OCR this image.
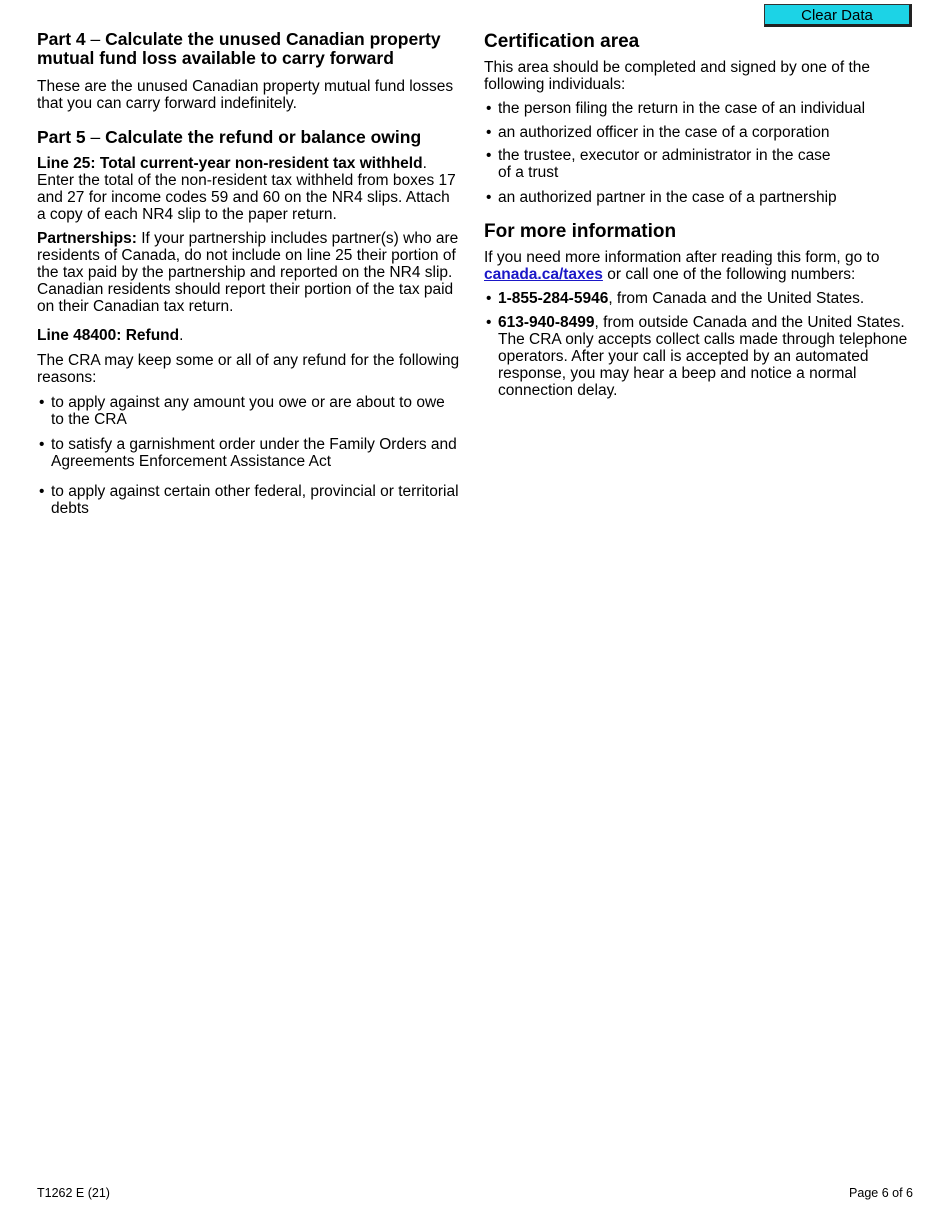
Clear Data
Part 4 – Calculate the unused Canadian property mutual fund loss available to carry forward

These are the unused Canadian property mutual fund losses that you can carry forward indefinitely.

Part 5 – Calculate the refund or balance owing

Line 25: Total current-year non-resident tax withheld.
Enter the total of the non-resident tax withheld from boxes 17 and 27 for income codes 59 and 60 on the NR4 slips. Attach a copy of each NR4 slip to the paper return.

Partnerships: If your partnership includes partner(s) who are residents of Canada, do not include on line 25 their portion of the tax paid by the partnership and reported on the NR4 slip. Canadian residents should report their portion of the tax paid on their Canadian tax return.

Line 48400: Refund.

The CRA may keep some or all of any refund for the following reasons:

• to apply against any amount you owe or are about to owe to the CRA
• to satisfy a garnishment order under the Family Orders and Agreements Enforcement Assistance Act
• to apply against certain other federal, provincial or territorial debts
Certification area

This area should be completed and signed by one of the following individuals:

• the person filing the return in the case of an individual
• an authorized officer in the case of a corporation
• the trustee, executor or administrator in the case of a trust
• an authorized partner in the case of a partnership
For more information

If you need more information after reading this form, go to canada.ca/taxes or call one of the following numbers:

• 1-855-284-5946, from Canada and the United States.
• 613-940-8499, from outside Canada and the United States. The CRA only accepts collect calls made through telephone operators. After your call is accepted by an automated response, you may hear a beep and notice a normal connection delay.
T1262 E (21)	Page 6 of 6
